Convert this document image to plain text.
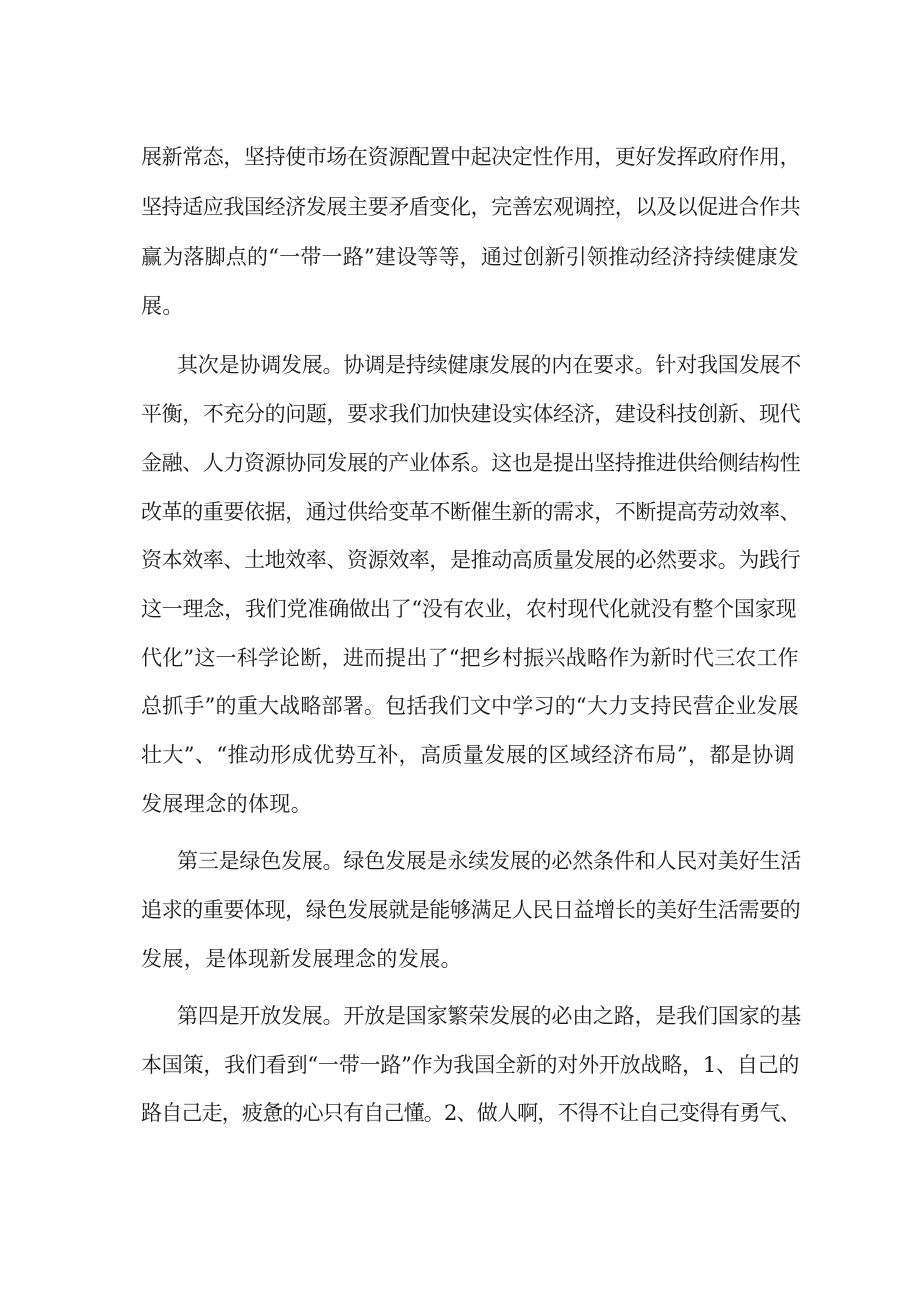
展新常态，坚持使市场在资源配置中起决定性作用，更好发挥政府作用，
坚持适应我国经济发展主要矛盾变化，完善宏观调控，以及以促进合作共
赢为落脚点的“一带一路”建设等等，通过创新引领推动经济持续健康发
展。
其次是协调发展。协调是持续健康发展的内在要求。针对我国发展不
平衡，不充分的问题，要求我们加快建设实体经济，建设科技创新、现代
金融、人力资源协同发展的产业体系。这也是提出坚持推进供给侧结构性
改革的重要依据，通过供给变革不断催生新的需求，不断提高劳动效率、
资本效率、土地效率、资源效率，是推动高质量发展的必然要求。为践行
这一理念，我们党准确做出了“没有农业，农村现代化就没有整个国家现
代化”这一科学论断，进而提出了“把乡村振兴战略作为新时代三农工作
总抓手”的重大战略部署。包括我们文中学习的“大力支持民营企业发展
壮大”、“推动形成优势互补，高质量发展的区域经济布局”，都是协调
发展理念的体现。
第三是绿色发展。绿色发展是永续发展的必然条件和人民对美好生活
追求的重要体现，绿色发展就是能够满足人民日益增长的美好生活需要的
发展，是体现新发展理念的发展。
第四是开放发展。开放是国家繁荣发展的必由之路，是我们国家的基
本国策，我们看到“一带一路”作为我国全新的对外开放战略，1、自己的
路自己走，疲惫的心只有自己懂。2、做人啊，不得不让自己变得有勇气、
